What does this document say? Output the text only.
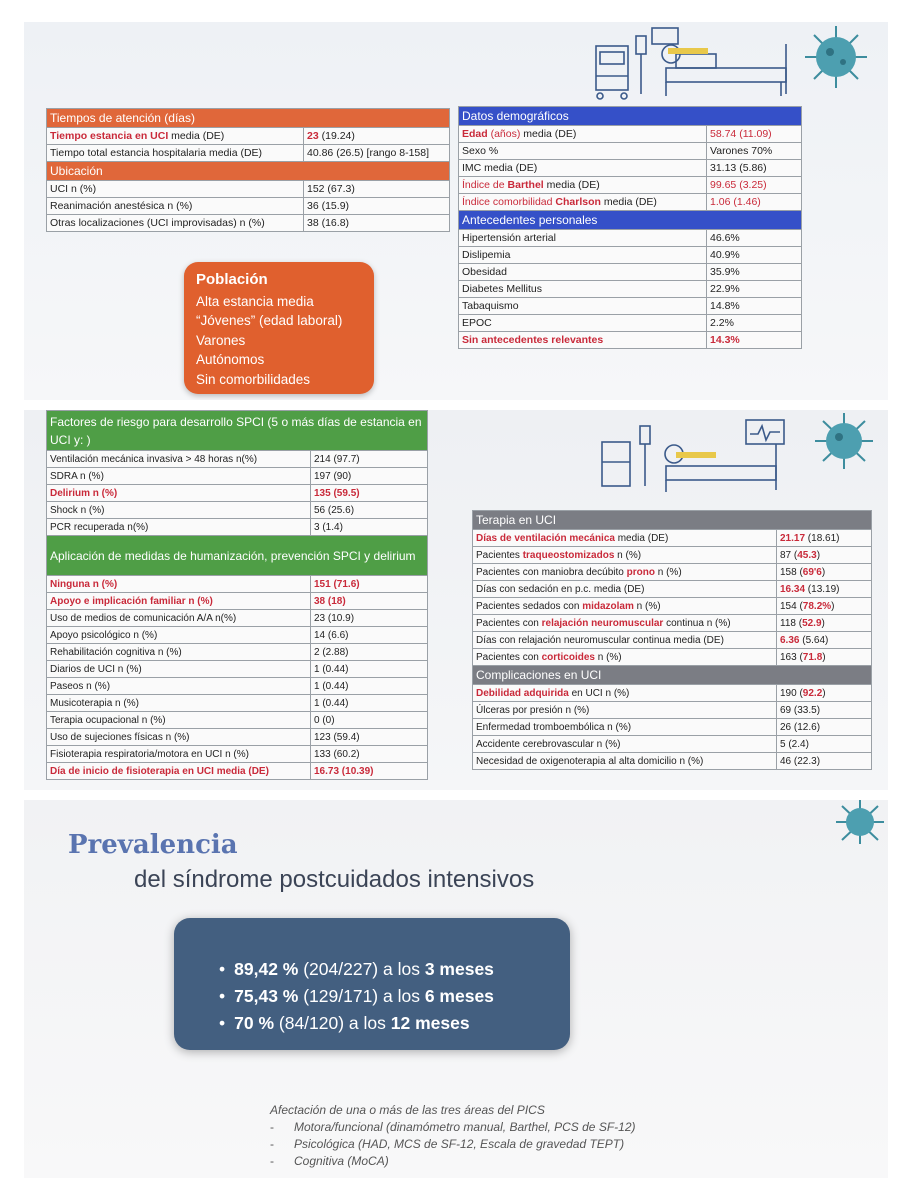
Tiempos de atención (días)	
Tiempo estancia en UCI media (DE)	23 (19.24)
Tiempo total estancia hospitalaria media (DE)	40.86 (26.5) [rango 8-158]
Ubicación	
UCI n (%)	152 (67.3)
Reanimación anestésica n (%)	36 (15.9)
Otras localizaciones (UCI improvisadas) n (%)	38 (16.8)
Población
Alta estancia media
“Jóvenes” (edad laboral)
Varones
Autónomos
Sin comorbilidades
Datos demográficos	
Edad (años) media (DE)	58.74 (11.09)
Sexo %	Varones 70%
IMC media (DE)	31.13 (5.86)
Índice de Barthel media (DE)	99.65 (3.25)
Índice comorbilidad Charlson media (DE)	1.06 (1.46)
Antecedentes personales	
Hipertensión arterial	46.6%
Dislipemia	40.9%
Obesidad	35.9%
Diabetes Mellitus	22.9%
Tabaquismo	14.8%
EPOC	2.2%
Sin antecedentes relevantes	14.3%
Factores de riesgo para desarrollo SPCI (5 o más días de estancia en UCI y: )	
Ventilación mecánica invasiva > 48 horas n(%)	214 (97.7)
SDRA n (%)	197 (90)
Delirium n (%)	135 (59.5)
Shock n (%)	56 (25.6)
PCR recuperada n(%)	3 (1.4)
Aplicación de medidas de humanización, prevención SPCI y delirium	
Ninguna n (%)	151 (71.6)
Apoyo e implicación familiar n (%)	38 (18)
Uso de medios de comunicación A/A n(%)	23 (10.9)
Apoyo psicológico n (%)	14 (6.6)
Rehabilitación cognitiva n (%)	2 (2.88)
Diarios de UCI n (%)	1 (0.44)
Paseos n (%)	1 (0.44)
Musicoterapia n (%)	1 (0.44)
Terapia ocupacional n (%)	0 (0)
Uso de sujeciones físicas n (%)	123 (59.4)
Fisioterapia respiratoria/motora en UCI n (%)	133 (60.2)
Día de inicio de fisioterapia en UCI media (DE)	16.73 (10.39)
Terapia en UCI	
Días de ventilación mecánica media (DE)	21.17 (18.61)
Pacientes traqueostomizados n (%)	87 (45.3)
Pacientes con maniobra decúbito prono n (%)	158 (69'6)
Días con sedación en p.c. media (DE)	16.34 (13.19)
Pacientes sedados con midazolam n (%)	154 (78.2%)
Pacientes con relajación neuromuscular continua n (%)	118 (52.9)
Días con relajación neuromuscular continua media (DE)	6.36 (5.64)
Pacientes con corticoides n (%)	163 (71.8)
Complicaciones en UCI	
Debilidad adquirida en UCI n (%)	190 (92.2)
Úlceras por presión n (%)	69 (33.5)
Enfermedad tromboembólica n (%)	26 (12.6)
Accidente cerebrovascular n (%)	5 (2.4)
Necesidad de oxigenoterapia al alta domicilio n (%)	46 (22.3)
Prevalencia
del síndrome postcuidados intensivos
• 89,42 % (204/227) a los 3 meses
• 75,43 % (129/171) a los 6 meses
• 70 % (84/120) a los 12 meses
Afectación de una o más de las tres áreas del PICS
- Motora/funcional (dinamómetro manual, Barthel, PCS de SF-12)
- Psicológica (HAD, MCS de SF-12, Escala de gravedad TEPT)
- Cognitiva (MoCA)
